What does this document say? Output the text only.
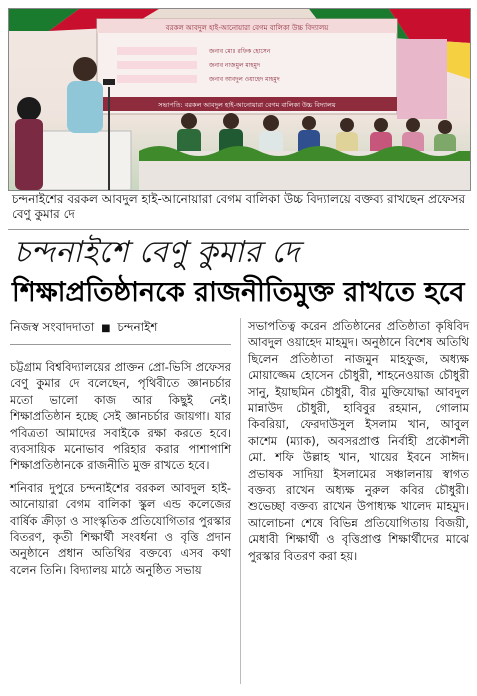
বরকল আবদুল হাই-আনোয়ারা বেগম বালিকা উচ্চ বিদ্যালয়
জনাব মোঃ রফিক হোসেন
জনাব নাজমুল মাহমুদ
জনাব আবদুল ওয়াহেদ মাহমুদ
সভাপতি: বরকল আবদুল হাই-আনোয়ারা বেগম বালিকা উচ্চ বিদ্যালয়
চন্দনাইশের বরকল আবদুল হাই-আনোয়ারা বেগম বালিকা উচ্চ বিদ্যালয়ে বক্তব্য রাখছেন প্রফেসর বেণু কুমার দে
চন্দনাইশে বেণু কুমার দে
শিক্ষাপ্রতিষ্ঠানকে রাজনীতিমুক্ত রাখতে হবে
নিজস্ব সংবাদদাতা ■ চন্দনাইশ

চট্টগ্রাম বিশ্ববিদ্যালয়ের প্রাক্তন প্রো-ভিসি প্রফেসর বেণু কুমার দে বলেছেন, পৃথিবীতে জ্ঞানচর্চার মতো ভালো কাজ আর কিছুই নেই। শিক্ষাপ্রতিষ্ঠান হচ্ছে সেই জ্ঞানচর্চার জায়গা। যার পবিত্রতা আমাদের সবাইকে রক্ষা করতে হবে। ব্যবসায়িক মনোভাব পরিহার করার পাশাপাশি শিক্ষাপ্রতিষ্ঠানকে রাজনীতি মুক্ত রাখতে হবে।

শনিবার দুপুরে চন্দনাইশের বরকল আবদুল হাই-আনোয়ারা বেগম বালিকা স্কুল এন্ড কলেজের বার্ষিক ক্রীড়া ও সাংস্কৃতিক প্রতিযোগিতার পুরস্কার বিতরণ, কৃতী শিক্ষার্থী সংবর্ধনা ও বৃত্তি প্রদান অনুষ্ঠানে প্রধান অতিথির বক্তব্যে এসব কথা বলেন তিনি। বিদ্যালয় মাঠে অনুষ্ঠিত সভায়

সভাপতিত্ব করেন প্রতিষ্ঠানের প্রতিষ্ঠাতা কৃষিবিদ আবদুল ওয়াহেদ মাহমুদ। অনুষ্ঠানে বিশেষ অতিথি ছিলেন প্রতিষ্ঠাতা নাজমুন মাহফুজ, অধ্যক্ষ মোয়াজ্জেম হোসেন চৌধুরী, শাহনেওয়াজ চৌধুরী সানু, ইয়াছমিন চৌধুরী, বীর মুক্তিযোদ্ধা আবদুল মান্নাউদ চৌধুরী, হাবিবুর রহমান, গোলাম কিবরিয়া, ফেরদাউসুল ইসলাম খান, আবুল কাশেম (ম্যাক), অবসরপ্রাপ্ত নির্বাহী প্রকৌশলী মো. শফি উল্লাহ খান, খায়ের ইবনে সাঈদ। প্রভাষক সাদিয়া ইসলামের সঞ্চালনায় স্বাগত বক্তব্য রাখেন অধ্যক্ষ নুরুল কবির চৌধুরী। শুভেচ্ছা বক্তব্য রাখেন উপাধ্যক্ষ খালেদ মাহমুদ। আলোচনা শেষে বিভিন্ন প্রতিযোগিতায় বিজয়ী, মেধাবী শিক্ষার্থী ও বৃত্তিপ্রাপ্ত শিক্ষার্থীদের মাঝে পুরস্কার বিতরণ করা হয়।
